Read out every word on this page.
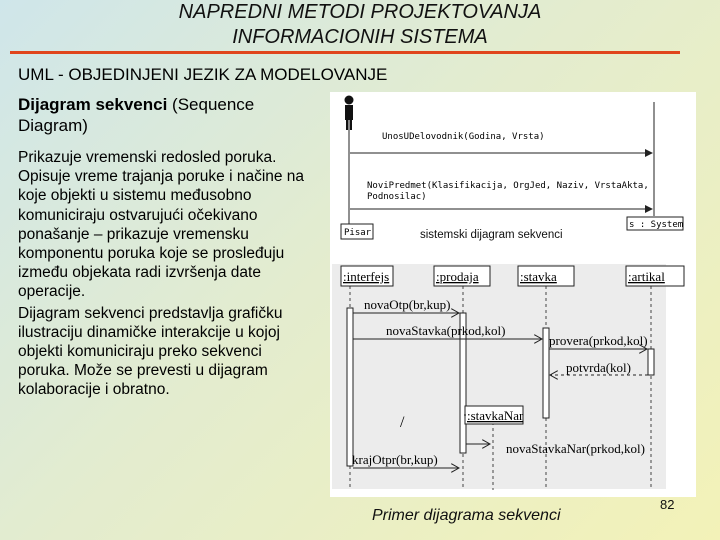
NAPREDNI METODI PROJEKTOVANJA
INFORMACIONIH SISTEMA
UML - OBJEDINJENI JEZIK ZA MODELOVANJE
Dijagram sekvenci (Sequence Diagram)

Prikazuje vremenski redosled poruka. Opisuje vreme trajanja poruke i načine na koje objekti u sistemu međusobno komuniciraju ostvarujući očekivano ponašanje – prikazuje vremensku komponentu poruka koje se prosleđuju između objekata radi izvršenja date operacije.

Dijagram sekvenci predstavlja grafičku ilustraciju dinamičke interakcije u kojoj objekti komuniciraju preko sekvenci poruka. Može se prevesti u dijagram kolaboracije i obratno.

UnosUDelovodnik(Godina, Vrsta)
NoviPredmet(Klasifikacija, OrgJed, Naziv, VrstaAkta,
Podnosilac)
Pisar
s : System
sistemski dijagram sekvenci
:interfejs	:prodaja	:stavka	:artikal
novaOtp(br,kup)
novaStavka(prkod,kol)
provera(prkod,kol)
potvrda(kol)
/	:stavkaNar
novaStavkaNar(prkod,kol)
krajOtpr(br,kup)
Primer dijagrama sekvenci
82
